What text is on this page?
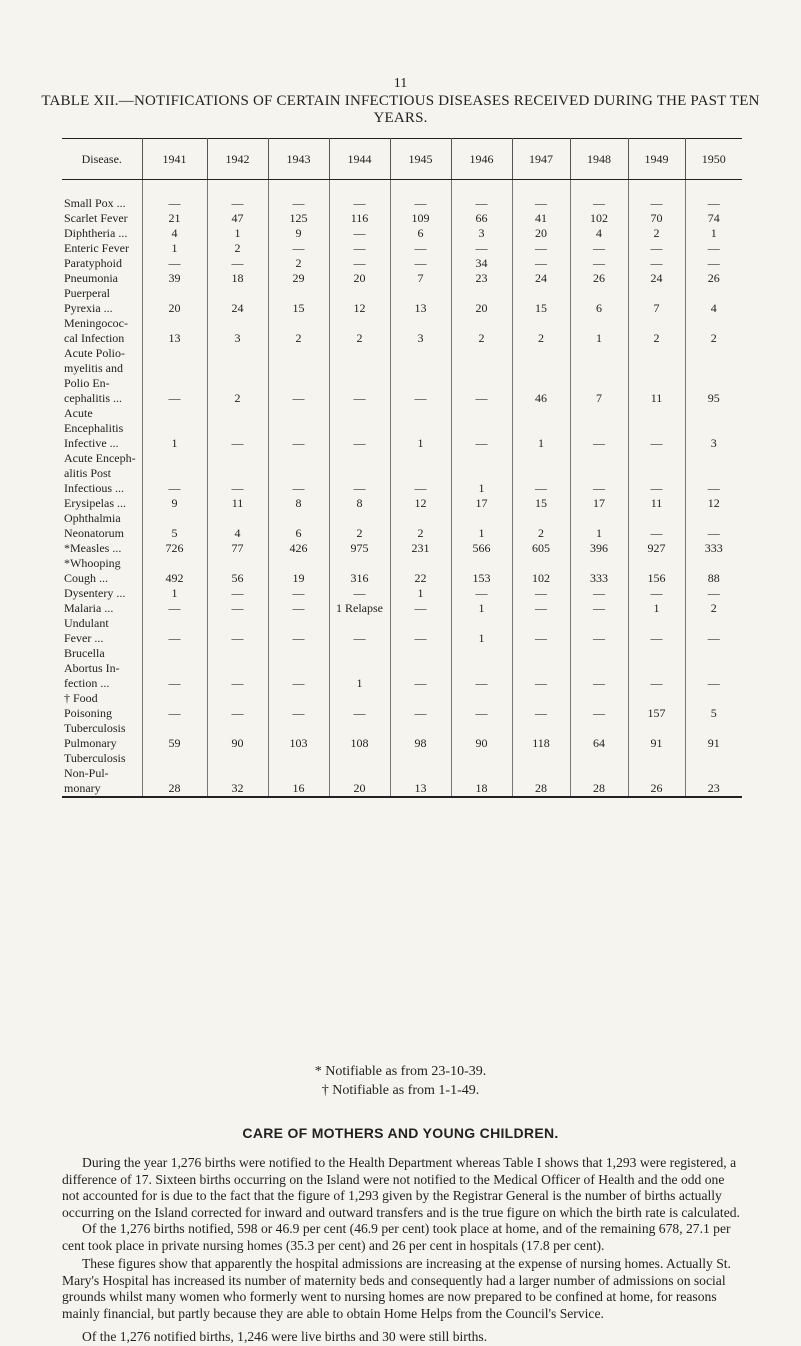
11
TABLE XII.—NOTIFICATIONS OF CERTAIN INFECTIOUS DISEASES RECEIVED DURING THE PAST TEN YEARS.
Disease.	1941	1942	1943	1944	1945	1946	1947	1948	1949	1950

Small Pox ...	—	—	—	—	—	—	—	—	—	—

Scarlet Fever	21	47	125	116	109	66	41	102	70	74

Diphtheria ...	4	1	9	—	6	3	20	4	2	1

Enteric Fever	1	2	—	—	—	—	—	—	—	—

Paratyphoid	—	—	2	—	—	34	—	—	—	—

Pneumonia	39	18	29	20	7	23	24	26	24	26

Puerperal
Pyrexia ...	20	24	15	12	13	20	15	6	7	4

Meningococ-
cal Infection	13	3	2	2	3	2	2	1	2	2

Acute Polio-
myelitis and
Polio En-
cephalitis ...	—	2	—	—	—	—	46	7	11	95

Acute
Encephalitis
Infective ...	1	—	—	—	1	—	1	—	—	3

Acute Enceph-
alitis Post
Infectious ...	—	—	—	—	—	1	—	—	—	—

Erysipelas ...	9	11	8	8	12	17	15	17	11	12

Ophthalmia
Neonatorum	5	4	6	2	2	1	2	1	—	—

*Measles ...	726	77	426	975	231	566	605	396	927	333

*Whooping
Cough ...	492	56	19	316	22	153	102	333	156	88

Dysentery ...	1	—	—	—	1	—	—	—	—	—

Malaria ...	—	—	—	1 Relapse	—	1	—	—	1	2

Undulant
Fever ...	—	—	—	—	—	1	—	—	—	—

Brucella
Abortus In-
fection ...	—	—	—	1	—	—	—	—	—	—

† Food
Poisoning	—	—	—	—	—	—	—	—	157	5

Tuberculosis
Pulmonary	59	90	103	108	98	90	118	64	91	91

Tuberculosis
Non-Pul-
monary	28	32	16	20	13	18	28	28	26	23
* Notifiable as from 23-10-39.
† Notifiable as from 1-1-49.
CARE OF MOTHERS AND YOUNG CHILDREN.
During the year 1,276 births were notified to the Health Department whereas Table I shows that 1,293 were registered, a difference of 17. Sixteen births occurring on the Island were not notified to the Medical Officer of Health and the odd one not accounted for is due to the fact that the figure of 1,293 given by the Registrar General is the number of births actually occurring on the Island corrected for inward and outward transfers and is the true figure on which the birth rate is calculated.
Of the 1,276 births notified, 598 or 46.9 per cent (46.9 per cent) took place at home, and of the remaining 678, 27.1 per cent took place in private nursing homes (35.3 per cent) and 26 per cent in hospitals (17.8 per cent).
These figures show that apparently the hospital admissions are increasing at the expense of nursing homes. Actually St. Mary's Hospital has increased its number of maternity beds and consequently had a larger number of admissions on social grounds whilst many women who formerly went to nursing homes are now prepared to be confined at home, for reasons mainly financial, but partly because they are able to obtain Home Helps from the Council's Service.
Of the 1,276 notified births, 1,246 were live births and 30 were still births.
